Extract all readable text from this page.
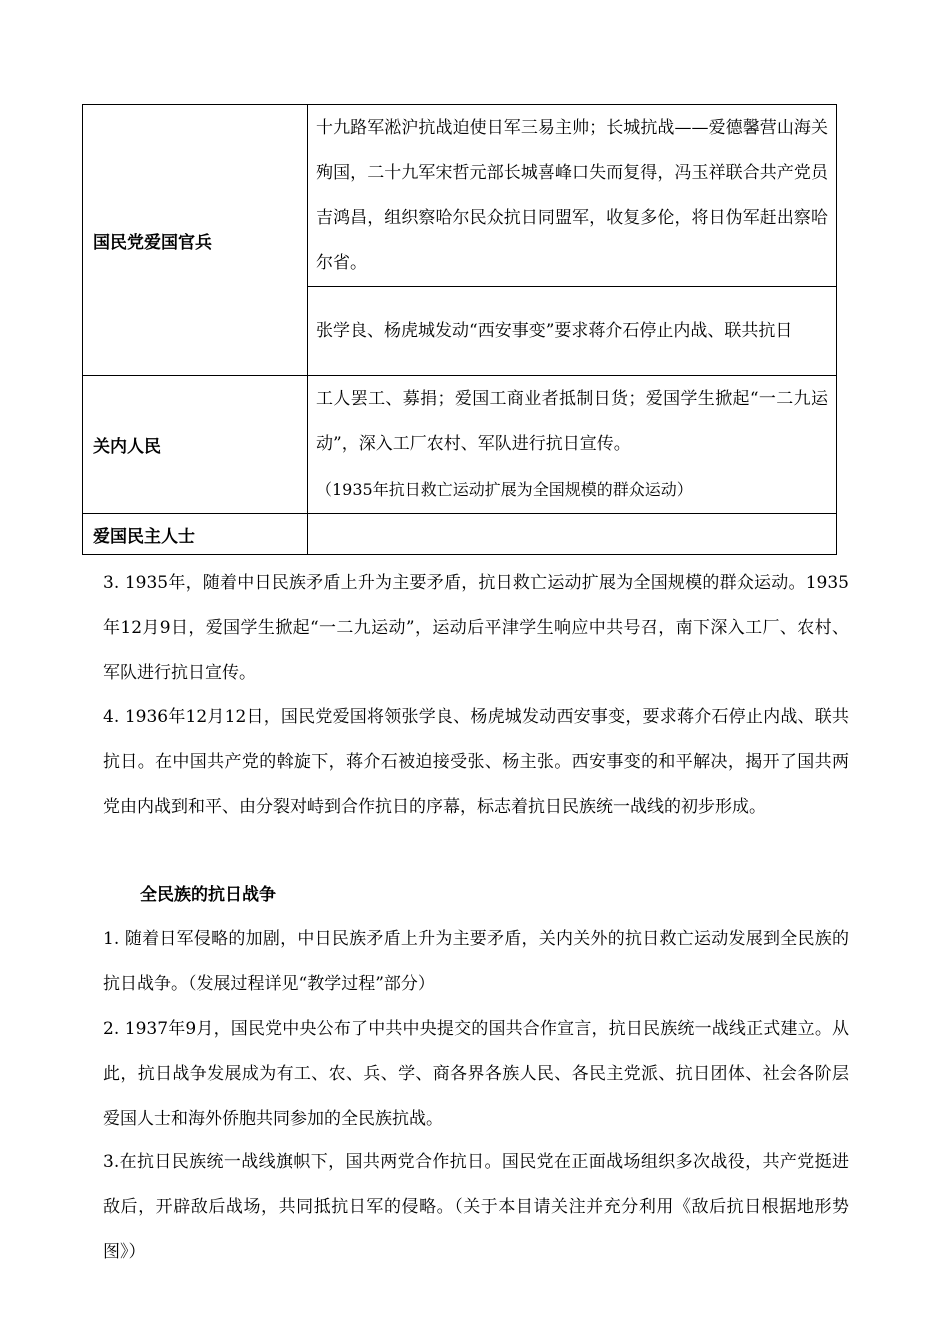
国民党爱国官兵	十九路军淞沪抗战迫使日军三易主帅；长城抗战——爱德馨营山海关殉国，二十九军宋哲元部长城喜峰口失而复得，冯玉祥联合共产党员吉鸿昌，组织察哈尔民众抗日同盟军，收复多伦，将日伪军赶出察哈尔省。

	张学良、杨虎城发动“西安事变”要求蒋介石停止内战、联共抗日

关内人民	工人罢工、募捐；爱国工商业者抵制日货；爱国学生掀起“一二九运动”，深入工厂农村、军队进行抗日宣传。
（1935年抗日救亡运动扩展为全国规模的群众运动）

爱国民主人士	
3. 1935年，随着中日民族矛盾上升为主要矛盾，抗日救亡运动扩展为全国规模的群众运动。1935年12月9日，爱国学生掀起“一二九运动”，运动后平津学生响应中共号召，南下深入工厂、农村、军队进行抗日宣传。
4. 1936年12月12日，国民党爱国将领张学良、杨虎城发动西安事变，要求蒋介石停止内战、联共抗日。在中国共产党的斡旋下，蒋介石被迫接受张、杨主张。西安事变的和平解决，揭开了国共两党由内战到和平、由分裂对峙到合作抗日的序幕，标志着抗日民族统一战线的初步形成。
全民族的抗日战争
1. 随着日军侵略的加剧，中日民族矛盾上升为主要矛盾，关内关外的抗日救亡运动发展到全民族的抗日战争。（发展过程详见“教学过程”部分）
2. 1937年9月，国民党中央公布了中共中央提交的国共合作宣言，抗日民族统一战线正式建立。从此，抗日战争发展成为有工、农、兵、学、商各界各族人民、各民主党派、抗日团体、社会各阶层爱国人士和海外侨胞共同参加的全民族抗战。
3.在抗日民族统一战线旗帜下，国共两党合作抗日。国民党在正面战场组织多次战役，共产党挺进敌后，开辟敌后战场，共同抵抗日军的侵略。（关于本目请关注并充分利用《敌后抗日根据地形势图》）
